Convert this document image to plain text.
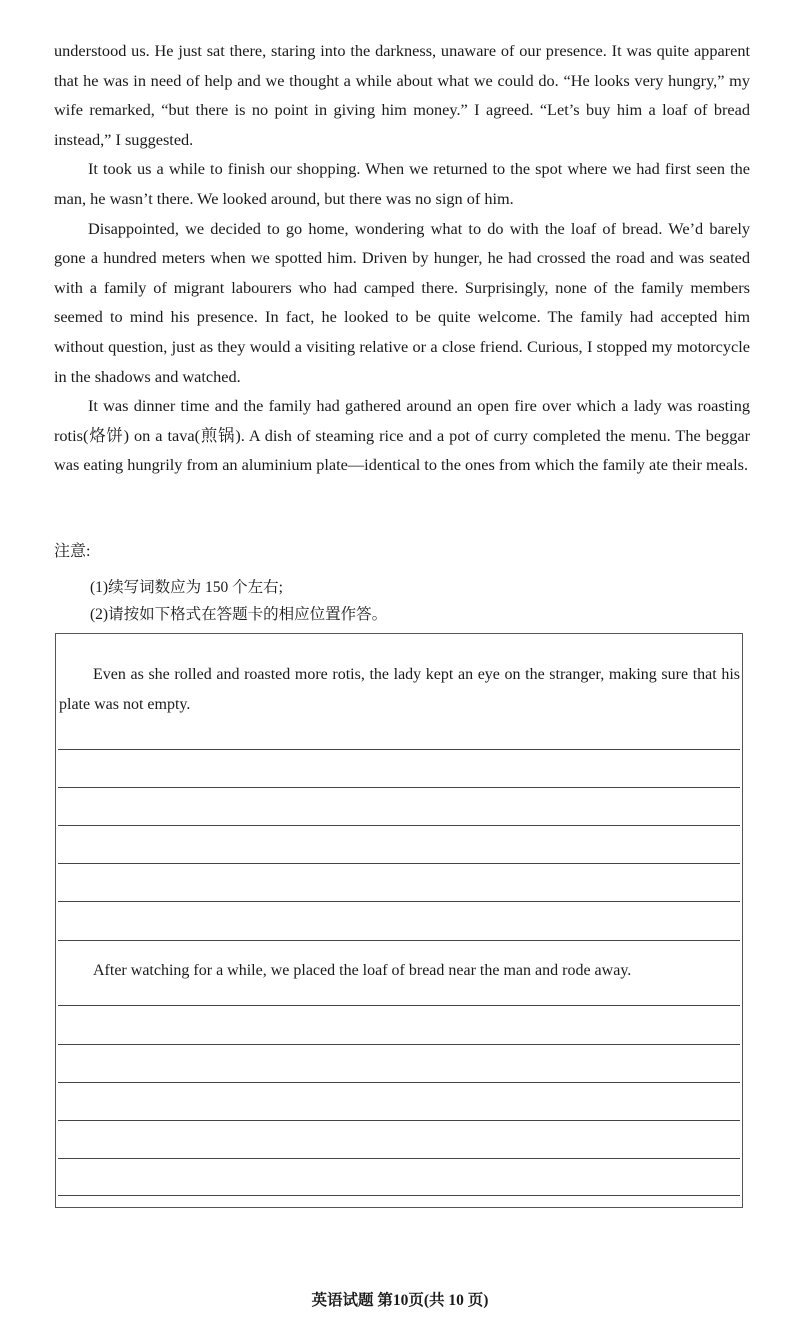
understood us. He just sat there, staring into the darkness, unaware of our presence. It was quite apparent that he was in need of help and we thought a while about what we could do. “He looks very hungry,” my wife remarked, “but there is no point in giving him money.” I agreed. “Let’s buy him a loaf of bread instead,” I suggested.

It took us a while to finish our shopping. When we returned to the spot where we had first seen the man, he wasn’t there. We looked around, but there was no sign of him.

Disappointed, we decided to go home, wondering what to do with the loaf of bread. We’d barely gone a hundred meters when we spotted him. Driven by hunger, he had crossed the road and was seated with a family of migrant labourers who had camped there. Surprisingly, none of the family members seemed to mind his presence. In fact, he looked to be quite welcome. The family had accepted him without question, just as they would a visiting relative or a close friend. Curious, I stopped my motorcycle in the shadows and watched.

It was dinner time and the family had gathered around an open fire over which a lady was roasting rotis(烙饼) on a tava(煎锅). A dish of steaming rice and a pot of curry completed the menu. The beggar was eating hungrily from an aluminium plate—identical to the ones from which the family ate their meals.

注意:
(1)续写词数应为 150 个左右;
(2)请按如下格式在答题卡的相应位置作答。
Even as she rolled and roasted more rotis, the lady kept an eye on the stranger, making sure that his plate was not empty.
After watching for a while, we placed the loaf of bread near the man and rode away.
英语试题 第10页(共 10 页)
